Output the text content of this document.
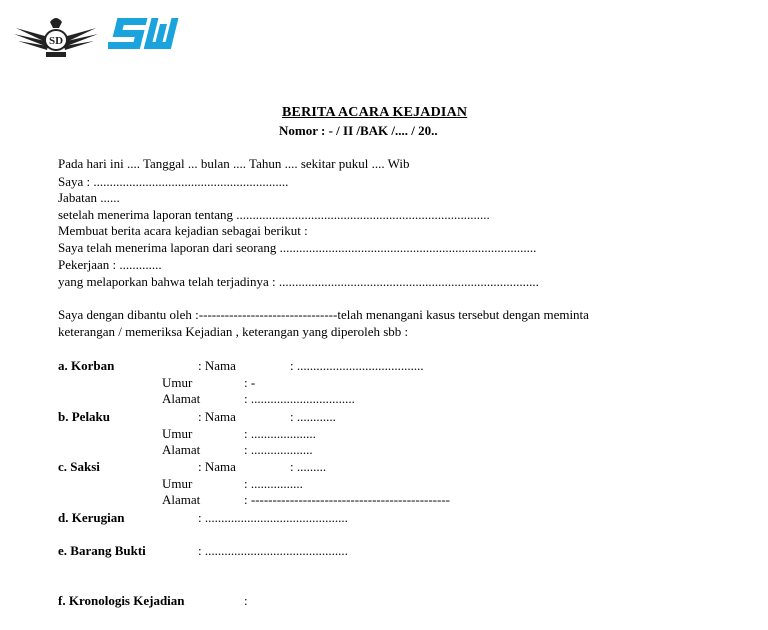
SD
BERITA ACARA KEJADIAN
Nomor : - / II /BAK /.... / 20..
Pada hari ini .... Tanggal ... bulan .... Tahun .... sekitar pukul .... Wib
Saya : ............................................................
Jabatan ......
setelah menerima laporan tentang ..............................................................................
Membuat berita acara kejadian sebagai berikut :
Saya telah menerima laporan dari seorang ...............................................................................
Pekerjaan : .............
yang melaporkan bahwa telah terjadinya : ................................................................................
Saya dengan dibantu oleh :--------------------------------telah menangani kasus tersebut dengan meminta
keterangan / memeriksa Kejadian , keterangan yang diperoleh sbb :
a. Korban	: Nama	: .......................................
Umur	: -
Alamat	: ................................
b. Pelaku	: Nama	: ............
Umur	: ....................
Alamat	: ...................
c. Saksi	: Nama	: .........
Umur	: ................
Alamat	: ----------------------------------------------
d. Kerugian	: ............................................
e. Barang Bukti	: ............................................
f. Kronologis Kejadian	:
